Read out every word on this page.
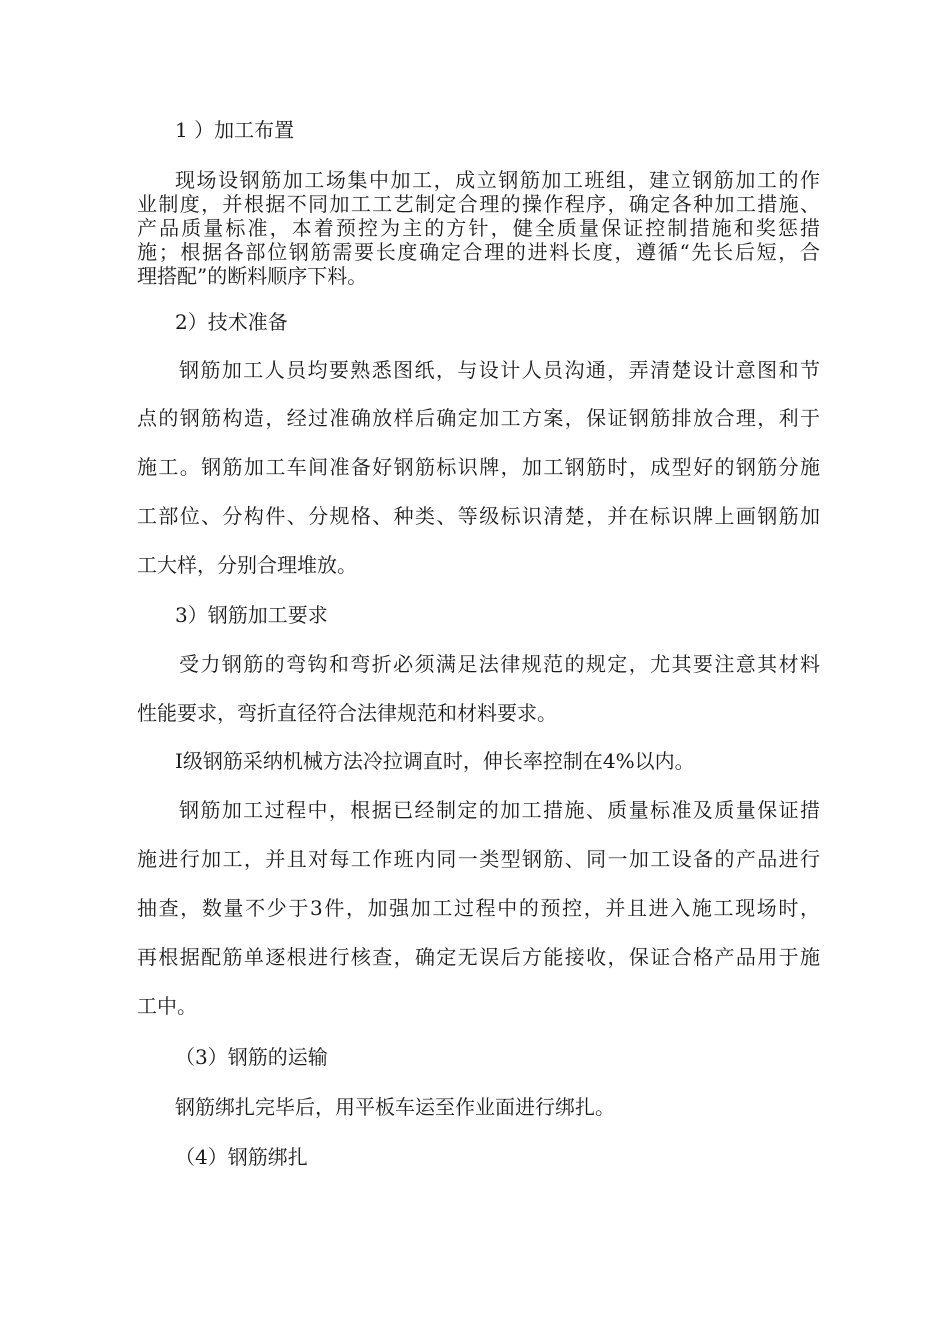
1 ）加工布置
现场设钢筋加工场集中加工，成立钢筋加工班组，建立钢筋加工的作
业制度，并根据不同加工工艺制定合理的操作程序，确定各种加工措施、
产品质量标准，本着预控为主的方针，健全质量保证控制措施和奖惩措
施；根据各部位钢筋需要长度确定合理的进料长度，遵循“先长后短，合
理搭配”的断料顺序下料。
2）技术准备
钢筋加工人员均要熟悉图纸，与设计人员沟通，弄清楚设计意图和节
点的钢筋构造，经过准确放样后确定加工方案，保证钢筋排放合理，利于
施工。钢筋加工车间准备好钢筋标识牌，加工钢筋时，成型好的钢筋分施
工部位、分构件、分规格、种类、等级标识清楚，并在标识牌上画钢筋加
工大样，分别合理堆放。
3）钢筋加工要求
受力钢筋的弯钩和弯折必须满足法律规范的规定，尤其要注意其材料
性能要求，弯折直径符合法律规范和材料要求。
Ⅰ级钢筋采纳机械方法冷拉调直时，伸长率控制在4%以内。
钢筋加工过程中，根据已经制定的加工措施、质量标准及质量保证措
施进行加工，并且对每工作班内同一类型钢筋、同一加工设备的产品进行
抽查，数量不少于3件，加强加工过程中的预控，并且进入施工现场时，
再根据配筋单逐根进行核查，确定无误后方能接收，保证合格产品用于施
工中。
（3）钢筋的运输
钢筋绑扎完毕后，用平板车运至作业面进行绑扎。
（4）钢筋绑扎
